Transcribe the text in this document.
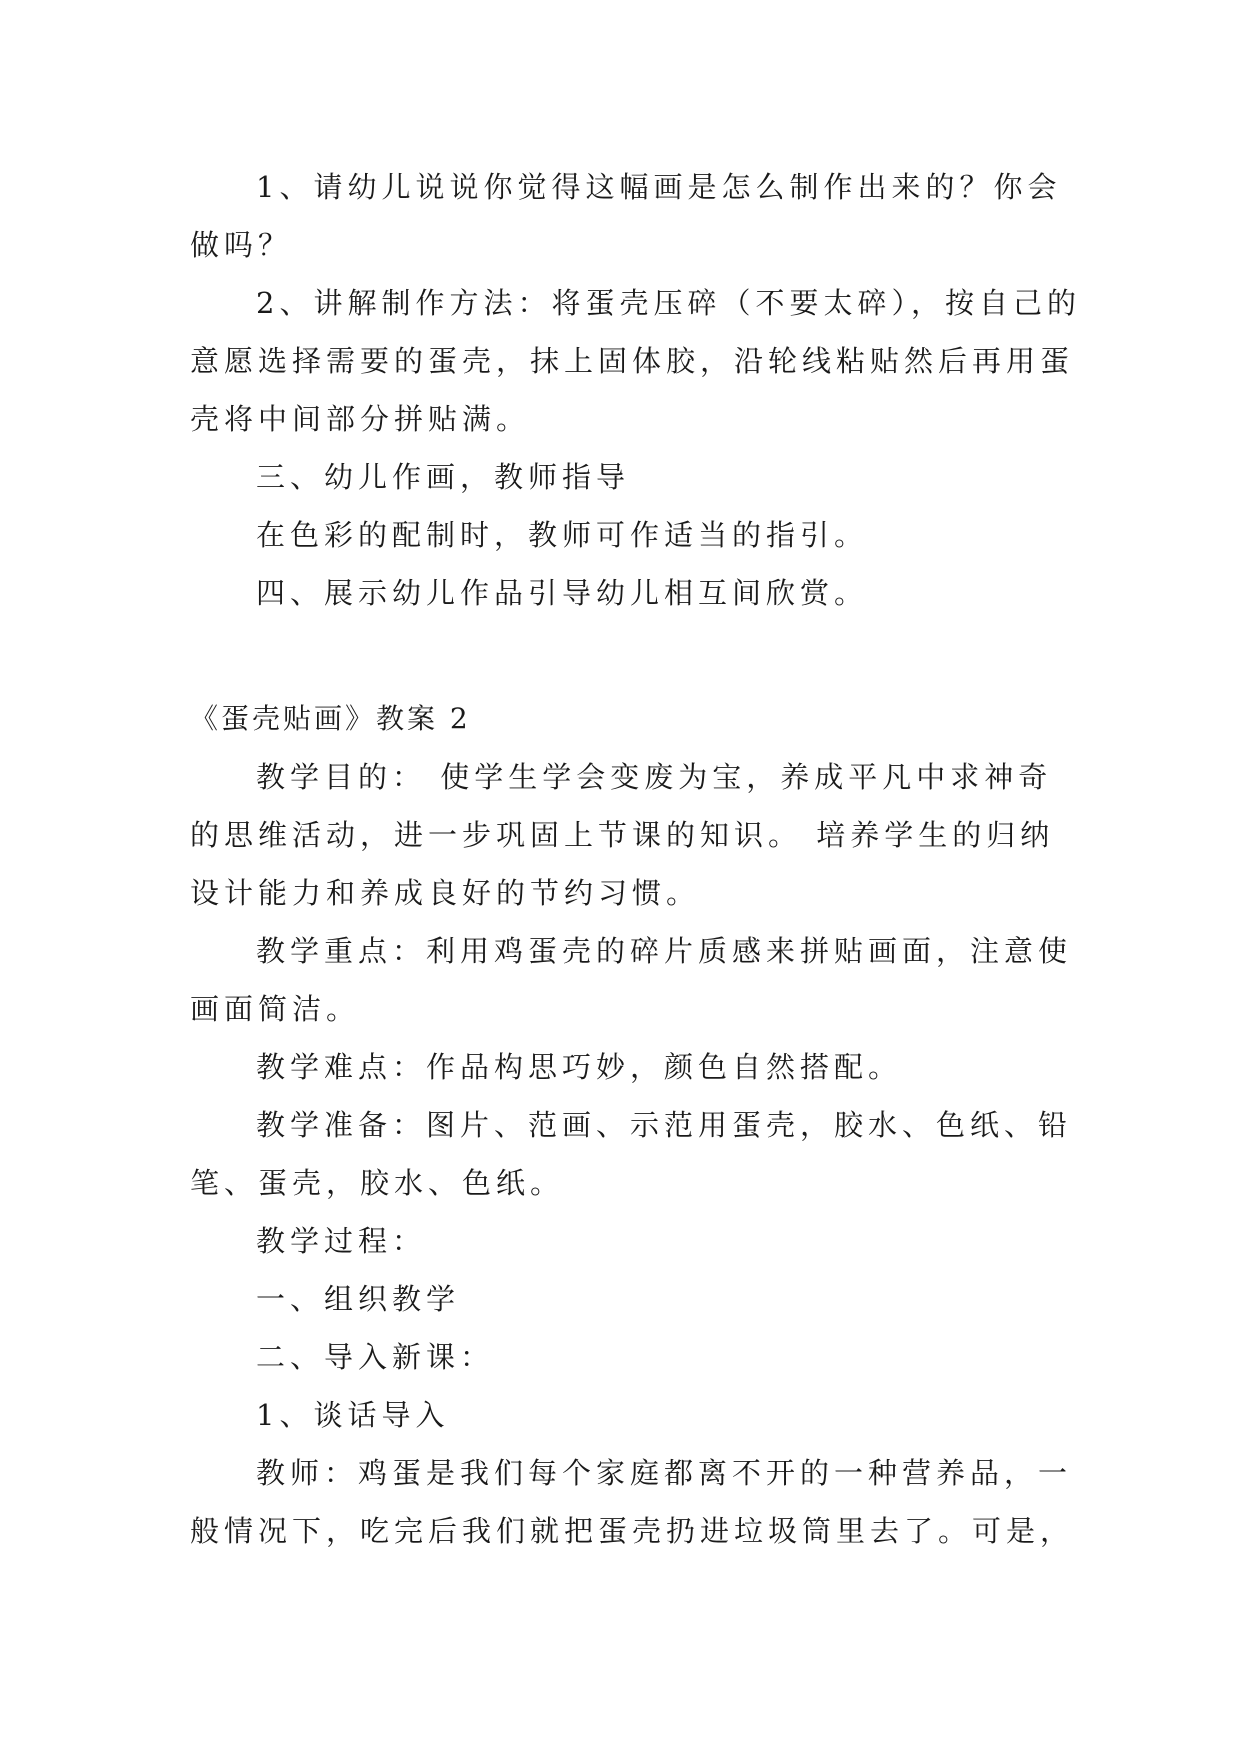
1、请幼儿说说你觉得这幅画是怎么制作出来的？你会

做吗？

2、讲解制作方法：将蛋壳压碎（不要太碎），按自己的

意愿选择需要的蛋壳，抹上固体胶，沿轮线粘贴然后再用蛋

壳将中间部分拼贴满。

三、幼儿作画，教师指导

在色彩的配制时，教师可作适当的指引。

四、展示幼儿作品引导幼儿相互间欣赏。

《蛋壳贴画》教案 2

教学目的： 使学生学会变废为宝，养成平凡中求神奇

的思维活动，进一步巩固上节课的知识。 培养学生的归纳

设计能力和养成良好的节约习惯。

教学重点：利用鸡蛋壳的碎片质感来拼贴画面，注意使

画面简洁。

教学难点：作品构思巧妙，颜色自然搭配。

教学准备：图片、范画、示范用蛋壳，胶水、色纸、铅

笔、蛋壳，胶水、色纸。

教学过程：

一、组织教学

二、导入新课：

1、谈话导入

教师：鸡蛋是我们每个家庭都离不开的一种营养品，一

般情况下，吃完后我们就把蛋壳扔进垃圾筒里去了。可是，
